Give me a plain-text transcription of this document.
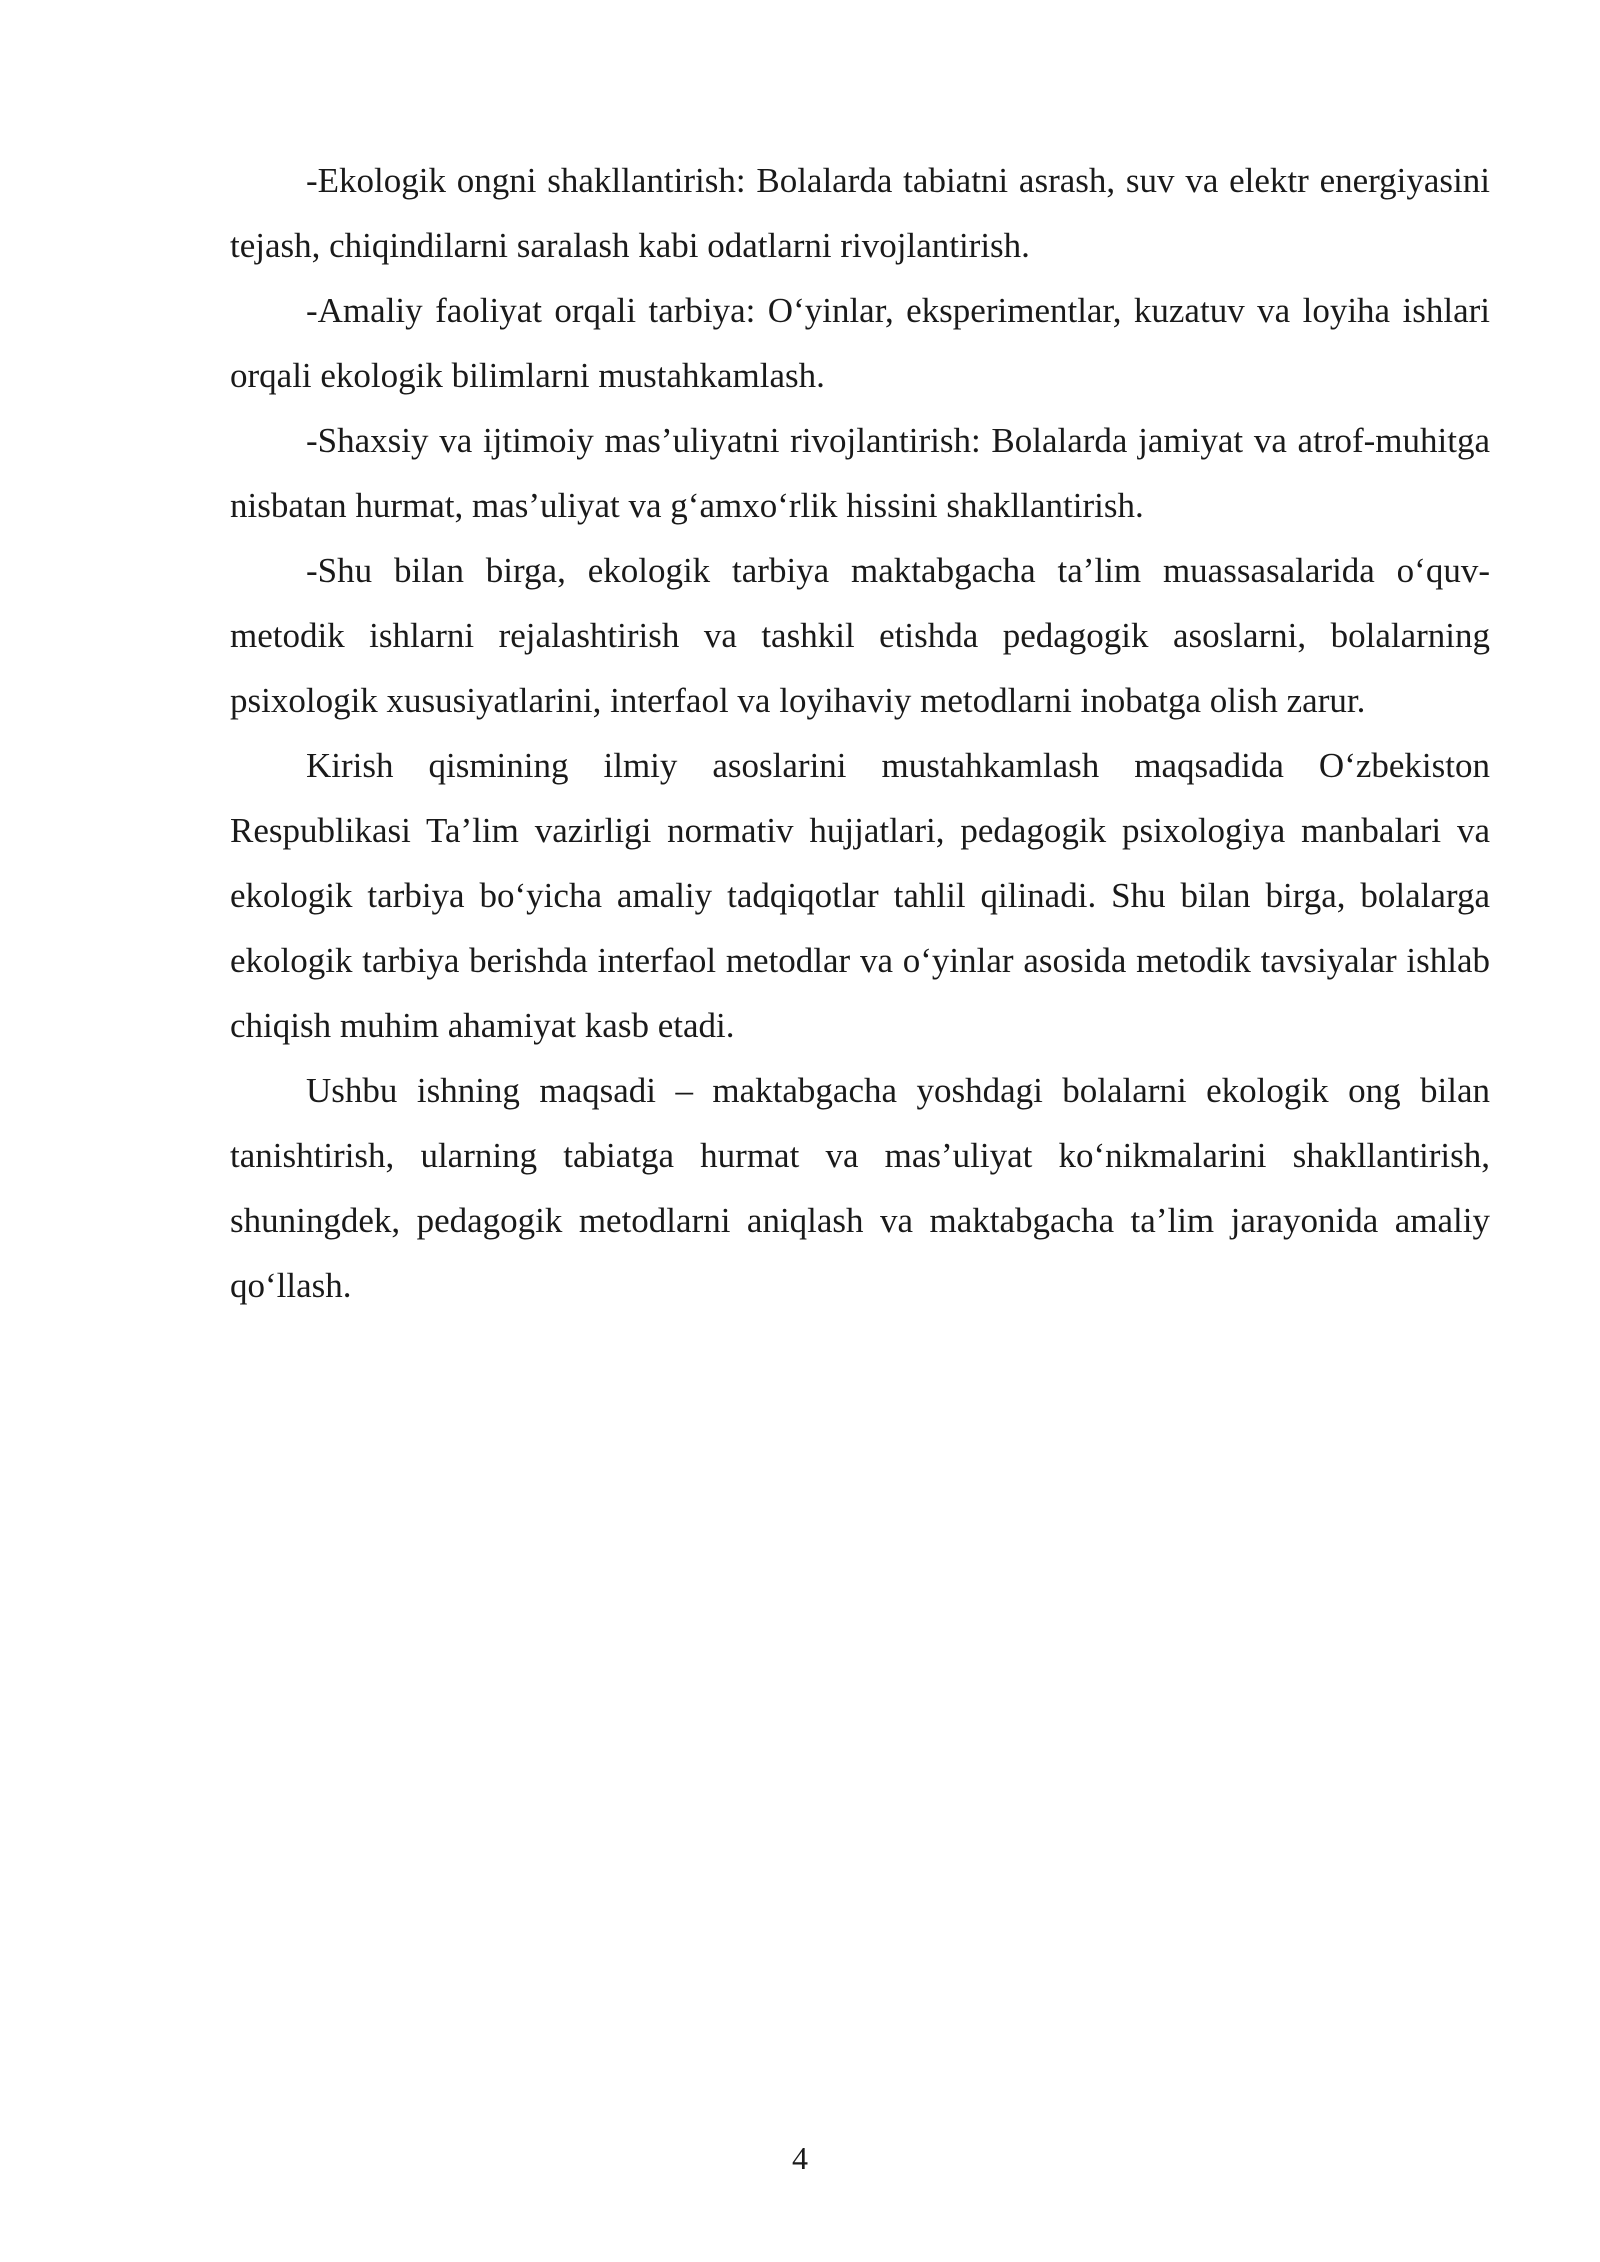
-Ekologik ongni shakllantirish: Bolalarda tabiatni asrash, suv va elektr energiyasini tejash, chiqindilarni saralash kabi odatlarni rivojlantirish.

-Amaliy faoliyat orqali tarbiya: O‘yinlar, eksperimentlar, kuzatuv va loyiha ishlari orqali ekologik bilimlarni mustahkamlash.

-Shaxsiy va ijtimoiy mas’uliyatni rivojlantirish: Bolalarda jamiyat va atrof-muhitga nisbatan hurmat, mas’uliyat va g‘amxo‘rlik hissini shakllantirish.

-Shu bilan birga, ekologik tarbiya maktabgacha ta’lim muassasalarida o‘quv-metodik ishlarni rejalashtirish va tashkil etishda pedagogik asoslarni, bolalarning psixologik xususiyatlarini, interfaol va loyihaviy metodlarni inobatga olish zarur.

Kirish qismining ilmiy asoslarini mustahkamlash maqsadida O‘zbekiston Respublikasi Ta’lim vazirligi normativ hujjatlari, pedagogik psixologiya manbalari va ekologik tarbiya bo‘yicha amaliy tadqiqotlar tahlil qilinadi. Shu bilan birga, bolalarga ekologik tarbiya berishda interfaol metodlar va o‘yinlar asosida metodik tavsiyalar ishlab chiqish muhim ahamiyat kasb etadi.

Ushbu ishning maqsadi – maktabgacha yoshdagi bolalarni ekologik ong bilan tanishtirish, ularning tabiatga hurmat va mas’uliyat ko‘nikmalarini shakllantirish, shuningdek, pedagogik metodlarni aniqlash va maktabgacha ta’lim jarayonida amaliy qo‘llash.

4
